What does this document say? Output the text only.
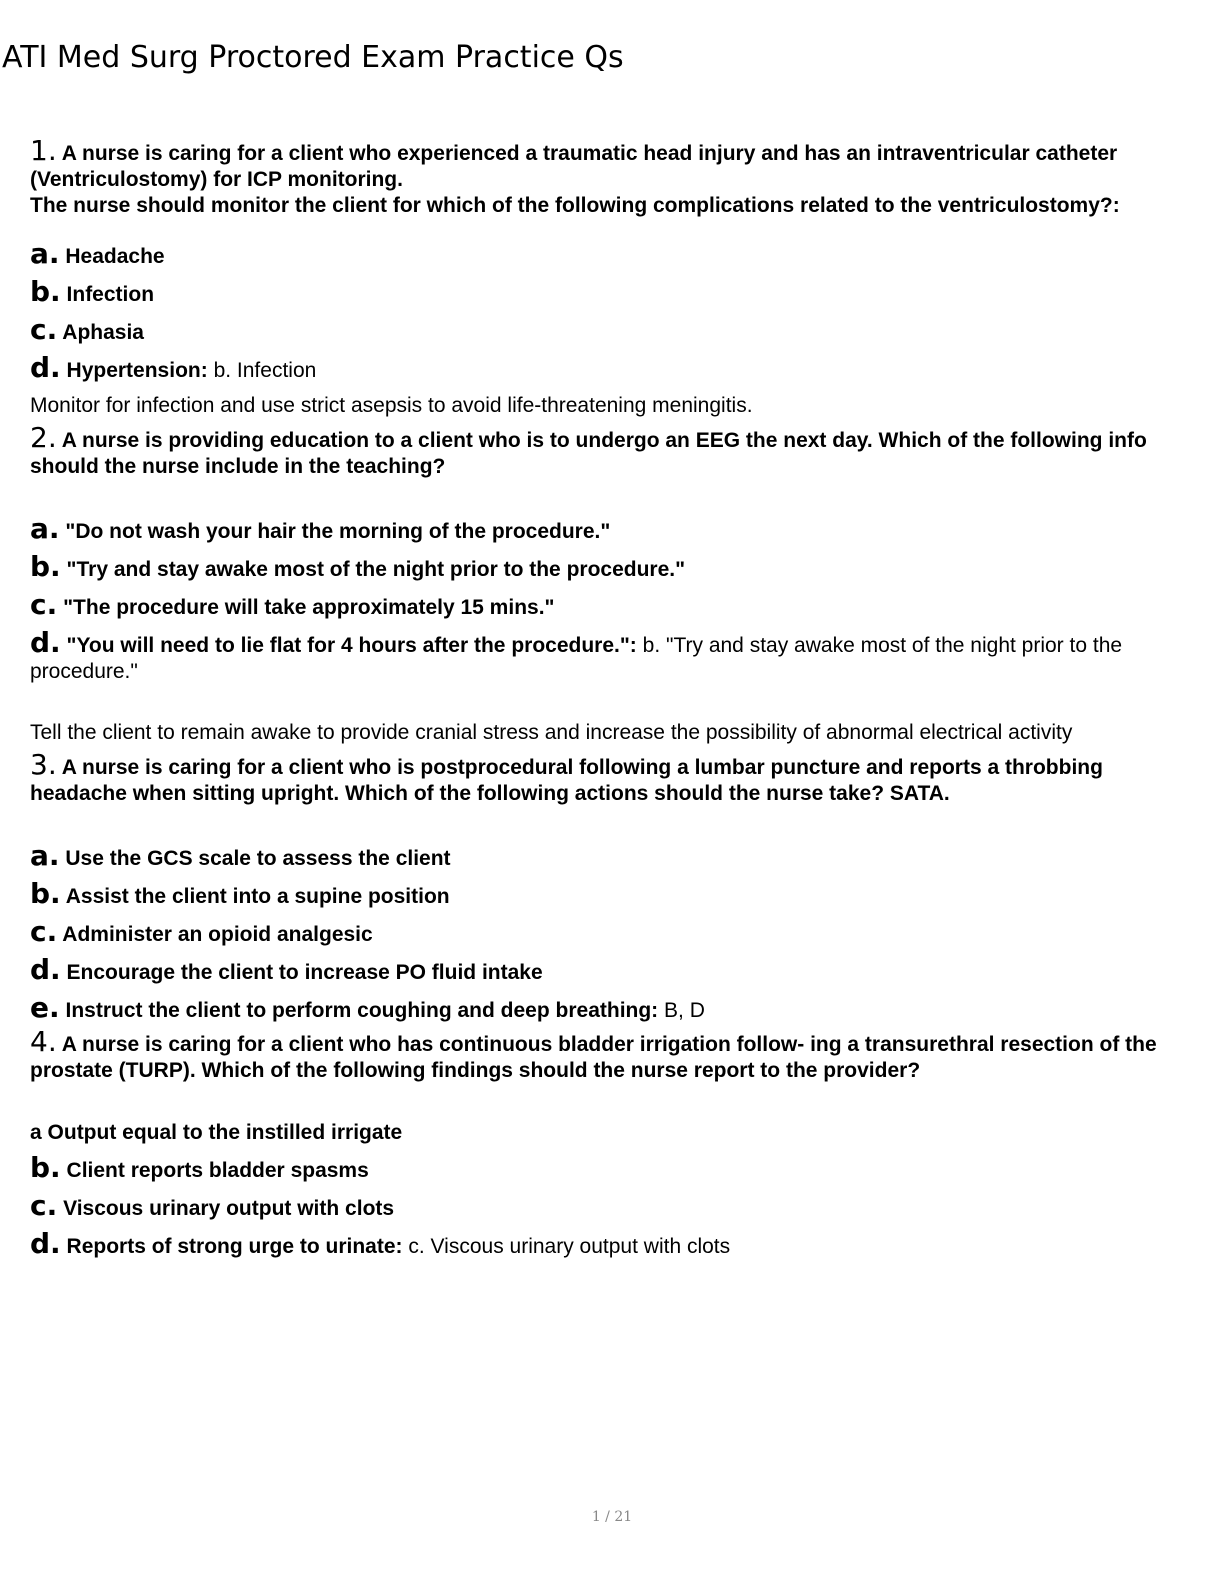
ATI Med Surg Proctored Exam Practice Qs

1. A nurse is caring for a client who experienced a traumatic head injury and has an intraventricular catheter (Ventriculostomy) for ICP monitoring.
The nurse should monitor the client for which of the following complications related to the ventriculostomy?:

a. Headache

b. Infection

c. Aphasia

d. Hypertension: b. Infection

Monitor for infection and use strict asepsis to avoid life-threatening meningitis.

2. A nurse is providing education to a client who is to undergo an EEG the next day. Which of the following info should the nurse include in the teaching?

a. "Do not wash your hair the morning of the procedure."

b. "Try and stay awake most of the night prior to the procedure."

c. "The procedure will take approximately 15 mins."

d. "You will need to lie flat for 4 hours after the procedure.": b. "Try and stay awake most of the night prior to the procedure."

Tell the client to remain awake to provide cranial stress and increase the possibility of abnormal electrical activity

3. A nurse is caring for a client who is postprocedural following a lumbar puncture and reports a throbbing headache when sitting upright. Which of the following actions should the nurse take? SATA.

a. Use the GCS scale to assess the client

b. Assist the client into a supine position

c. Administer an opioid analgesic

d. Encourage the client to increase PO fluid intake

e. Instruct the client to perform coughing and deep breathing: B, D

4. A nurse is caring for a client who has continuous bladder irrigation follow- ing a transurethral resection of the prostate (TURP). Which of the following findings should the nurse report to the provider?

a Output equal to the instilled irrigate

b. Client reports bladder spasms

c. Viscous urinary output with clots

d. Reports of strong urge to urinate: c. Viscous urinary output with clots

1 / 21
